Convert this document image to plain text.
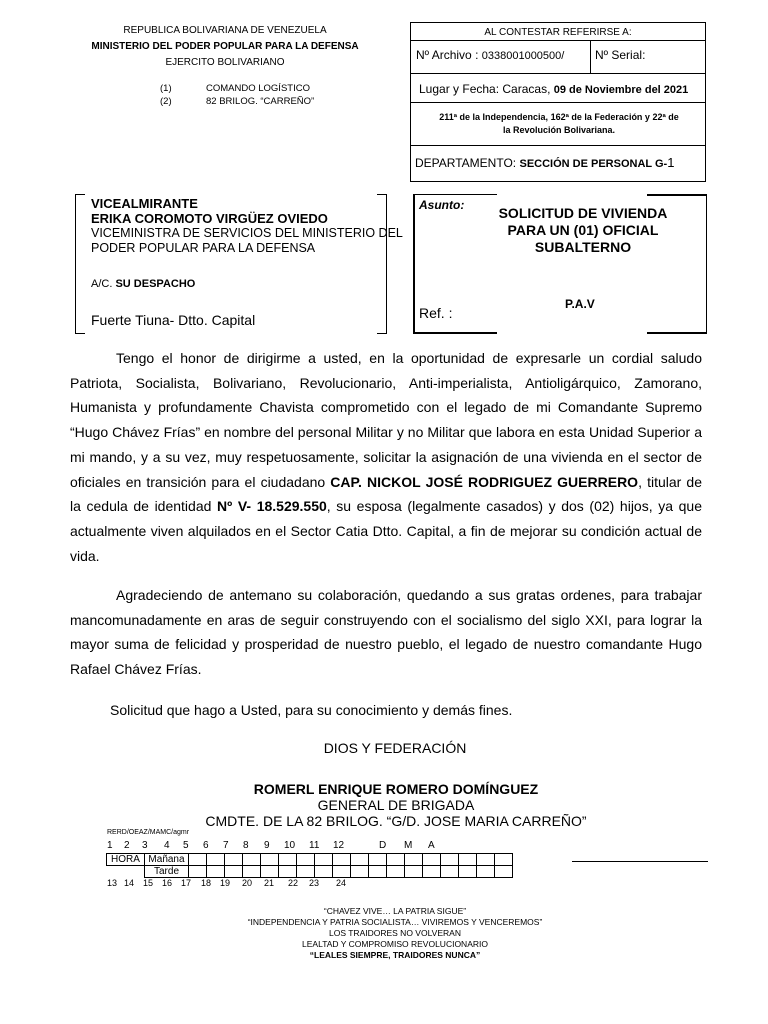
REPUBLICA BOLIVARIANA DE VENEZUELA
MINISTERIO DEL PODER POPULAR PARA LA DEFENSA
EJERCITO BOLIVARIANO
(1)	COMANDO LOGÍSTICO
(2)	82 BRILOG. “CARREÑO”
AL CONTESTAR REFERIRSE A:
Nº Archivo : 0338001000500/	Nº Serial:
Lugar y Fecha: Caracas, 09 de Noviembre del 2021
211ª de la Independencia, 162ª de la Federación y 22ª de
la Revolución Bolivariana.
DEPARTAMENTO: SECCIÓN DE PERSONAL G-1
VICEALMIRANTE
ERIKA COROMOTO VIRGÜEZ OVIEDO
VICEMINISTRA DE SERVICIOS DEL MINISTERIO DEL
PODER POPULAR PARA LA DEFENSA
A/C. SU DESPACHO
Fuerte Tiuna- Dtto. Capital
Asunto:	SOLICITUD DE VIVIENDA
PARA UN (01) OFICIAL
SUBALTERNO
P.A.V
Ref. :
Tengo el honor de dirigirme a usted, en la oportunidad de expresarle un cordial saludo Patriota, Socialista, Bolivariano, Revolucionario, Anti-imperialista, Antioligárquico, Zamorano, Humanista y profundamente Chavista comprometido con el legado de mi Comandante Supremo “Hugo Chávez Frías” en nombre del personal Militar y no Militar que labora en esta Unidad Superior a mi mando, y a su vez, muy respetuosamente, solicitar la asignación de una vivienda en el sector de oficiales en transición para el ciudadano CAP. NICKOL JOSÉ RODRIGUEZ GUERRERO, titular de la cedula de identidad Nº V- 18.529.550, su esposa (legalmente casados) y dos (02) hijos, ya que actualmente viven alquilados en el Sector Catia Dtto. Capital, a fin de mejorar su condición actual de vida.
Agradeciendo de antemano su colaboración, quedando a sus gratas ordenes, para trabajar mancomunadamente en aras de seguir construyendo con el socialismo del siglo XXI, para lograr la mayor suma de felicidad y prosperidad de nuestro pueblo, el legado de nuestro comandante Hugo Rafael Chávez Frías.
Solicitud que hago a Usted, para su conocimiento y demás fines.
DIOS Y FEDERACIÓN
ROMERL ENRIQUE ROMERO DOMÍNGUEZ
GENERAL DE BRIGADA
CMDTE. DE LA 82 BRILOG. “G/D. JOSE MARIA CARREÑO”
RERD/OEAZ/MAMC/agmr
1 2 3 4 5 6 7 8 9 10 11 12	D M A
HORA	Mañana																		
	Tarde																		
13 14 15 16 17 18 19 20 21 22 23 24
“CHAVEZ VIVE… LA PATRIA SIGUE”
“INDEPENDENCIA Y PATRIA SOCIALISTA… VIVIREMOS Y VENCEREMOS”
LOS TRAIDORES NO VOLVERAN
LEALTAD Y COMPROMISO REVOLUCIONARIO
“LEALES SIEMPRE, TRAIDORES NUNCA”
